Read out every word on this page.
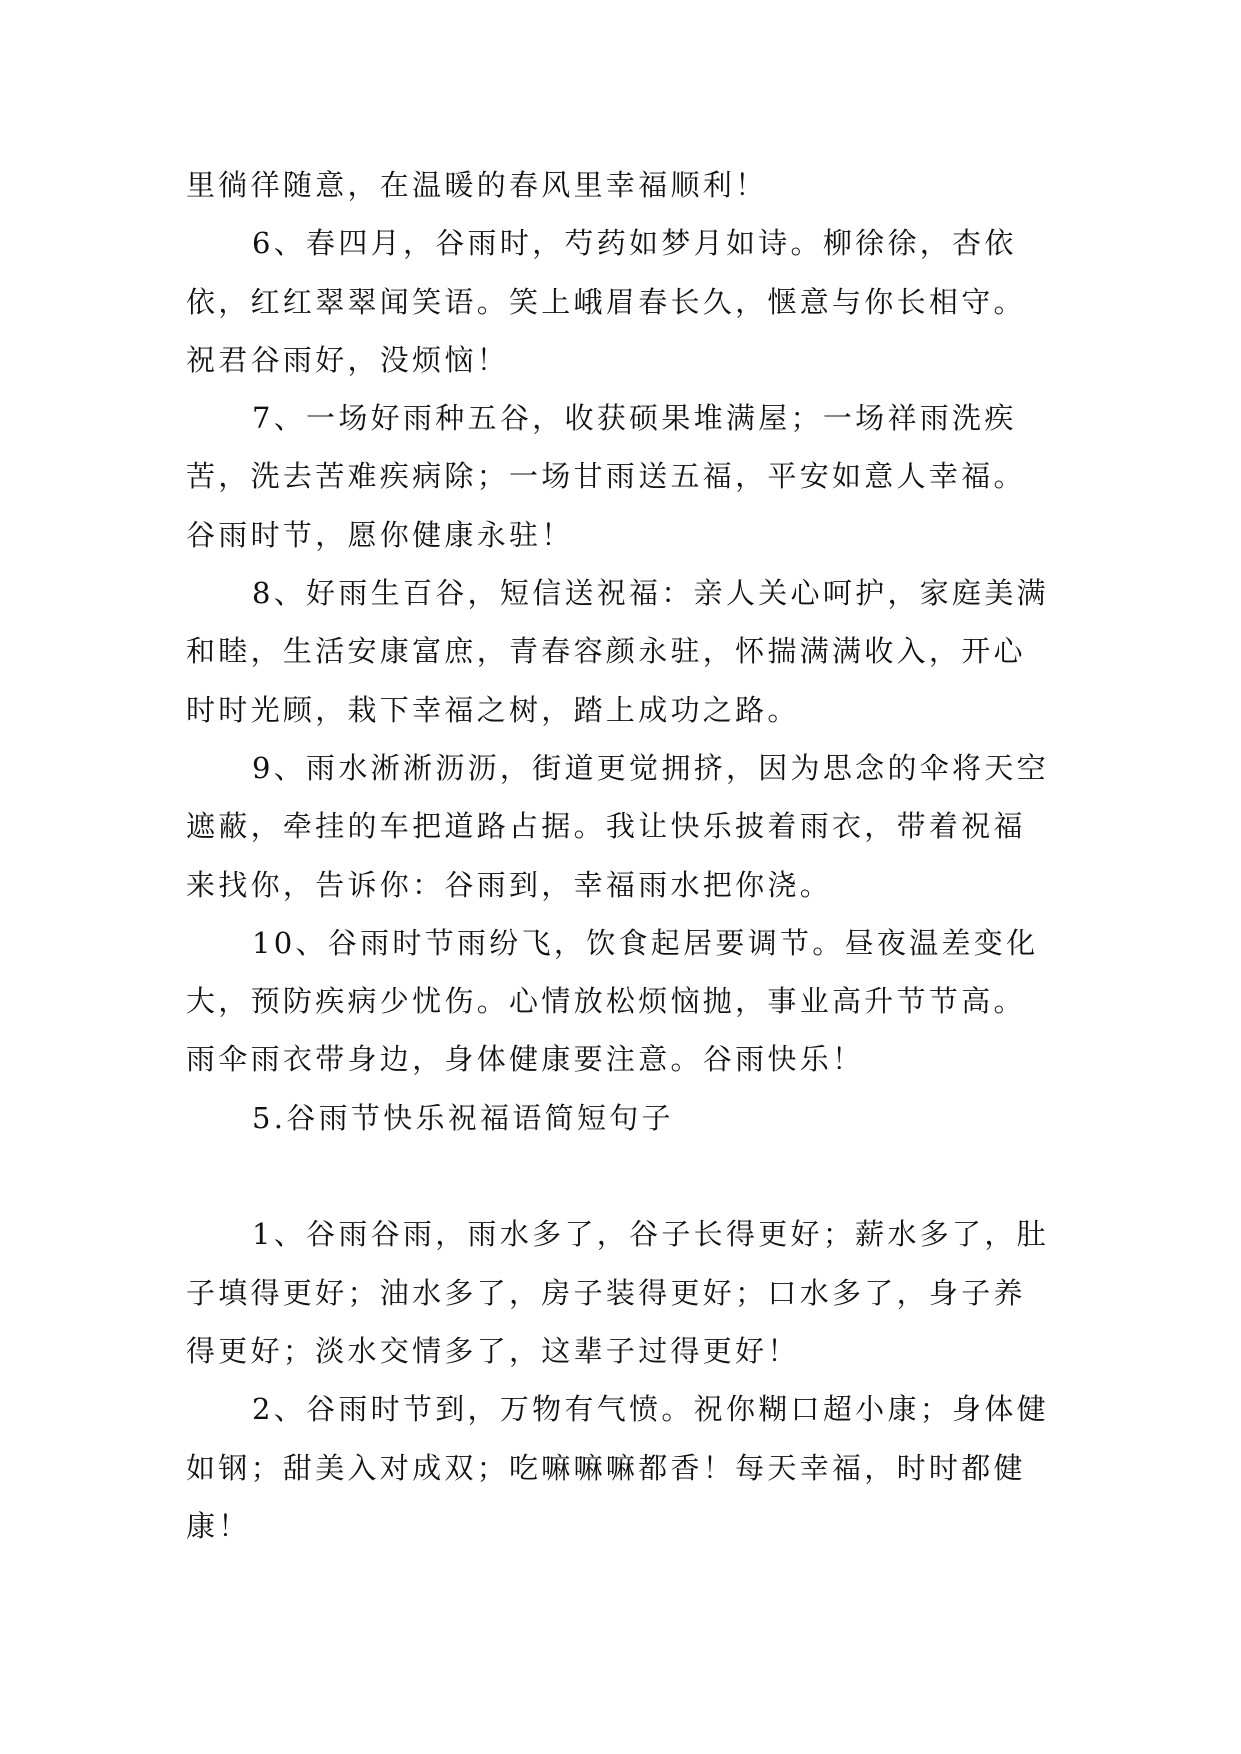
里徜徉随意，在温暖的春风里幸福顺利！

6、春四月，谷雨时，芍药如梦月如诗。柳徐徐，杏依依，红红翠翠闻笑语。笑上峨眉春长久，惬意与你长相守。祝君谷雨好，没烦恼！

7、一场好雨种五谷，收获硕果堆满屋；一场祥雨洗疾苦，洗去苦难疾病除；一场甘雨送五福，平安如意人幸福。谷雨时节，愿你健康永驻！

8、好雨生百谷，短信送祝福：亲人关心呵护，家庭美满和睦，生活安康富庶，青春容颜永驻，怀揣满满收入，开心时时光顾，栽下幸福之树，踏上成功之路。

9、雨水淅淅沥沥，街道更觉拥挤，因为思念的伞将天空遮蔽，牵挂的车把道路占据。我让快乐披着雨衣，带着祝福来找你，告诉你：谷雨到，幸福雨水把你浇。

10、谷雨时节雨纷飞，饮食起居要调节。昼夜温差变化大，预防疾病少忧伤。心情放松烦恼抛，事业高升节节高。雨伞雨衣带身边，身体健康要注意。谷雨快乐！

5.谷雨节快乐祝福语简短句子

1、谷雨谷雨，雨水多了，谷子长得更好；薪水多了，肚子填得更好；油水多了，房子装得更好；口水多了，身子养得更好；淡水交情多了，这辈子过得更好！

2、谷雨时节到，万物有气愤。祝你糊口超小康；身体健如钢；甜美入对成双；吃嘛嘛嘛都香！每天幸福，时时都健康！
